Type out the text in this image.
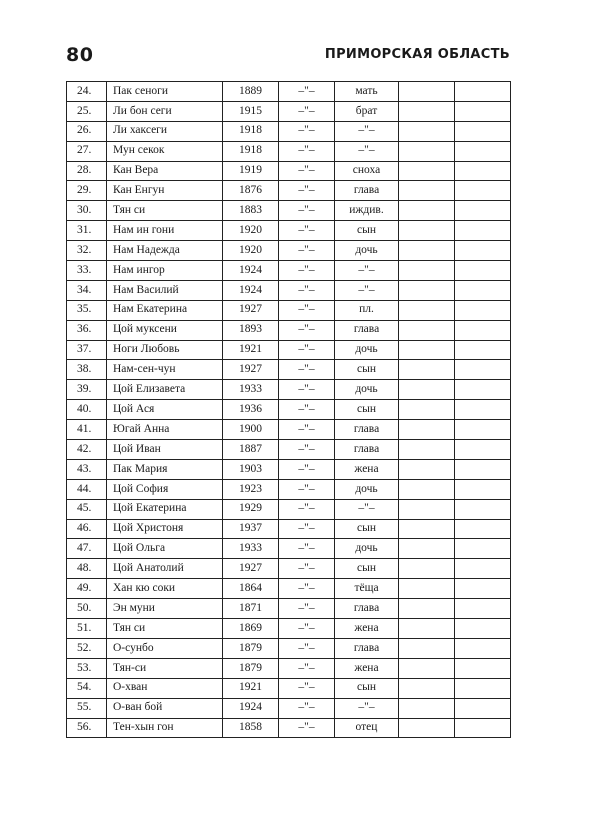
80	ПРИМОРСКАЯ ОБЛАСТЬ
24.	Пак сеноги	1889	–"–	мать		
25.	Ли бон сеги	1915	–"–	брат		
26.	Ли хаксеги	1918	–"–	–"–		
27.	Мун секок	1918	–"–	–"–		
28.	Кан Вера	1919	–"–	сноха		
29.	Кан Енгун	1876	–"–	глава		
30.	Тян си	1883	–"–	иждив.		
31.	Нам ин гони	1920	–"–	сын		
32.	Нам Надежда	1920	–"–	дочь		
33.	Нам ингор	1924	–"–	–"–		
34.	Нам Василий	1924	–"–	–"–		
35.	Нам Екатерина	1927	–"–	пл.		
36.	Цой муксени	1893	–"–	глава		
37.	Ноги Любовь	1921	–"–	дочь		
38.	Нам-сен-чун	1927	–"–	сын		
39.	Цой Елизавета	1933	–"–	дочь		
40.	Цой Ася	1936	–"–	сын		
41.	Югай Анна	1900	–"–	глава		
42.	Цой Иван	1887	–"–	глава		
43.	Пак Мария	1903	–"–	жена		
44.	Цой София	1923	–"–	дочь		
45.	Цой Екатерина	1929	–"–	–"–		
46.	Цой Христоня	1937	–"–	сын		
47.	Цой Ольга	1933	–"–	дочь		
48.	Цой Анатолий	1927	–"–	сын		
49.	Хан кю соки	1864	–"–	тёща		
50.	Эн муни	1871	–"–	глава		
51.	Тян си	1869	–"–	жена		
52.	О-сунбо	1879	–"–	глава		
53.	Тян-си	1879	–"–	жена		
54.	О-хван	1921	–"–	сын		
55.	О-ван бой	1924	–"–	–"–		
56.	Тен-хын гон	1858	–"–	отец		
